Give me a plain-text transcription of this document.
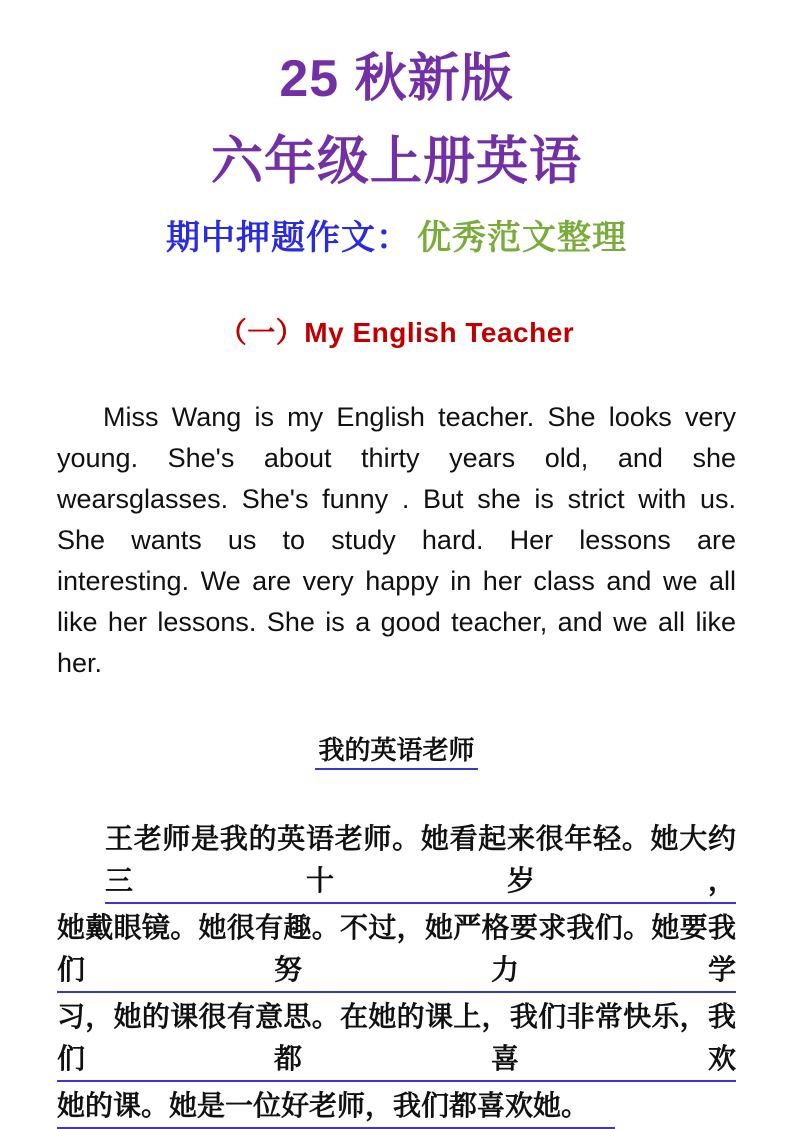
25 秋新版
六年级上册英语
期中押题作文： 优秀范文整理
（一）My English Teacher
Miss Wang is my English teacher. She looks very
young. She's about thirty years old, and she
wearsglasses. She's funny . But she is strict with us.
She wants us to study hard. Her lessons are
interesting. We are very happy in her class and we all
like her lessons. She is a good teacher, and we all like
her.
我的英语老师
王老师是我的英语老师。她看起来很年轻。她大约三十岁，
她戴眼镜。她很有趣。不过，她严格要求我们。她要我们努力学
习，她的课很有意思。在她的课上，我们非常快乐，我们都喜欢
她的课。她是一位好老师，我们都喜欢她。
